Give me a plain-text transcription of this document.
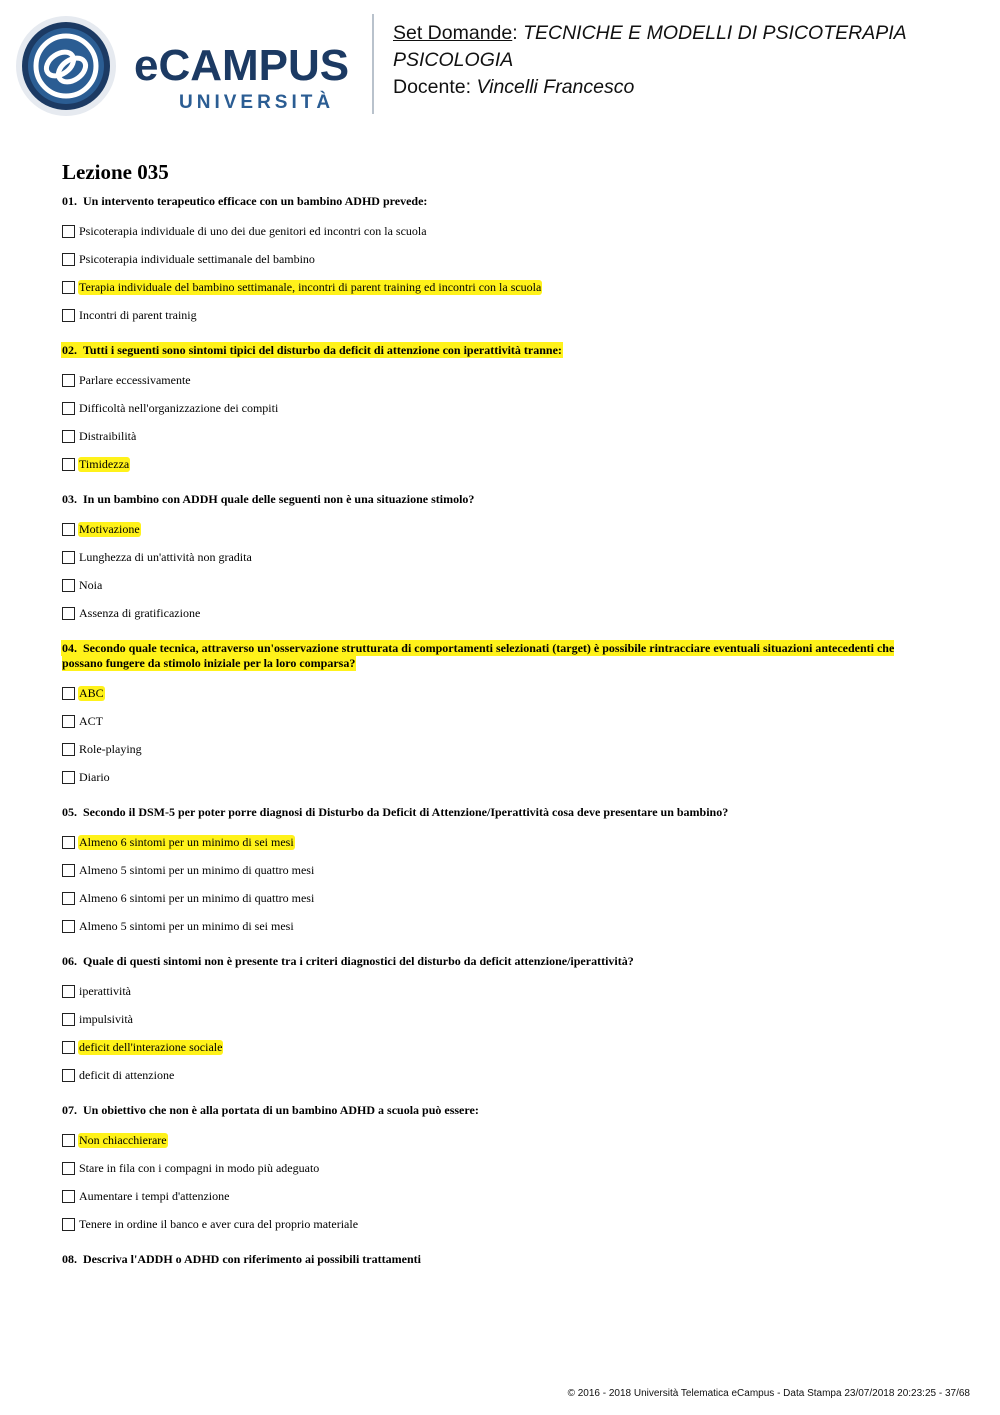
eCAMPUS
UNIVERSITÀ
Set Domande: TECNICHE E MODELLI DI PSICOTERAPIA
PSICOLOGIA
Docente: Vincelli Francesco
Lezione 035
01. Un intervento terapeutico efficace con un bambino ADHD prevede:
Psicoterapia individuale di uno dei due genitori ed incontri con la scuola
Psicoterapia individuale settimanale del bambino
Terapia individuale del bambino settimanale, incontri di parent training ed incontri con la scuola
Incontri di parent trainig
02. Tutti i seguenti sono sintomi tipici del disturbo da deficit di attenzione con iperattività tranne:
Parlare eccessivamente
Difficoltà nell'organizzazione dei compiti
Distraibilità
Timidezza
03. In un bambino con ADDH quale delle seguenti non è una situazione stimolo?
Motivazione
Lunghezza di un'attività non gradita
Noia
Assenza di gratificazione
04. Secondo quale tecnica, attraverso un'osservazione strutturata di comportamenti selezionati (target) è possibile rintracciare eventuali situazioni antecedenti che possano fungere da stimolo iniziale per la loro comparsa?
ABC
ACT
Role-playing
Diario
05. Secondo il DSM-5 per poter porre diagnosi di Disturbo da Deficit di Attenzione/Iperattività cosa deve presentare un bambino?
Almeno 6 sintomi per un minimo di sei mesi
Almeno 5 sintomi per un minimo di quattro mesi
Almeno 6 sintomi per un minimo di quattro mesi
Almeno 5 sintomi per un minimo di sei mesi
06. Quale di questi sintomi non è presente tra i criteri diagnostici del disturbo da deficit attenzione/iperattività?
iperattività
impulsività
deficit dell'interazione sociale
deficit di attenzione
07. Un obiettivo che non è alla portata di un bambino ADHD a scuola può essere:
Non chiacchierare
Stare in fila con i compagni in modo più adeguato
Aumentare i tempi d'attenzione
Tenere in ordine il banco e aver cura del proprio materiale
08. Descriva l'ADDH o ADHD con riferimento ai possibili trattamenti
© 2016 - 2018 Università Telematica eCampus - Data Stampa 23/07/2018 20:23:25 - 37/68
